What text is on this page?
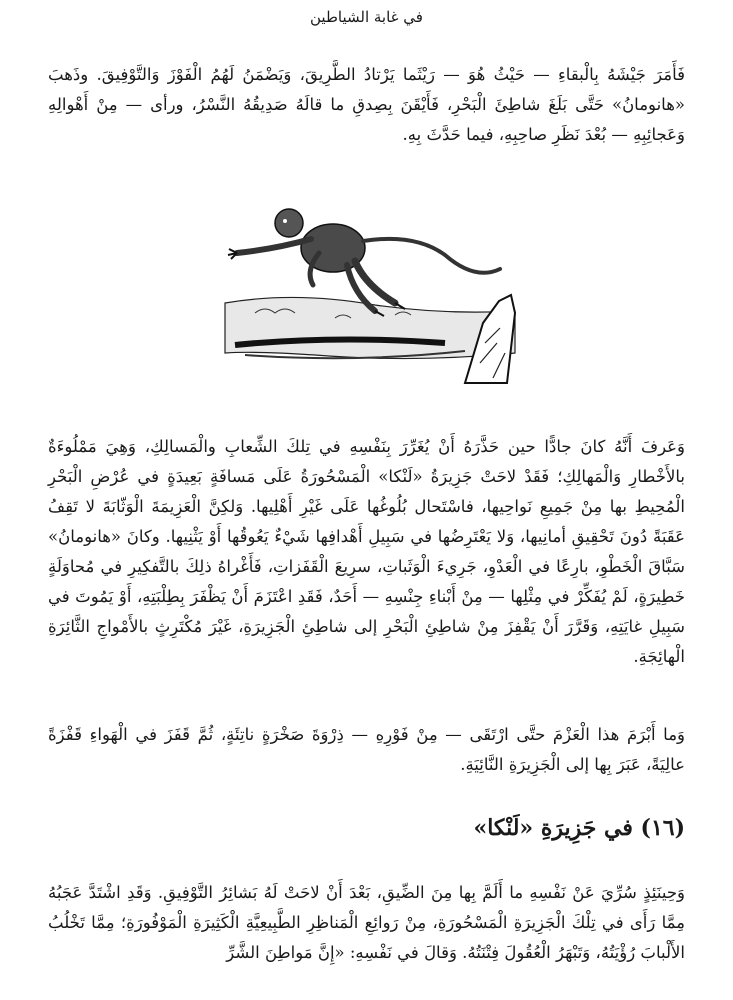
في غابة الشياطين

فَأَمَرَ جَيْشَهُ بِالْبقاءِ — حَيْثُ هُوَ — رَيْثَما يَرْتادُ الطَّرِيقَ، وَيَضْمَنُ لَهُمُ الْفَوْزَ وَالتَّوْفِيقَ. وذَهبَ «هانومانُ» حَتَّى بَلَغَ شاطِئَ الْبَحْرِ، فَأَيْقَنَ بِصِدقِ ما قالَهُ صَدِيقُهُ النَّسْرُ، ورأى — مِنْ أَهْوالِهِ وَعَجائِبِهِ — بُعْدَ نَظَرِ صاحِبِهِ، فيما حَدَّثَ بِهِ.

وَعَرفَ أَنَّهُ كانَ جادًّا حين حَذَّرَهُ أَنْ يُغَرِّرَ بِنَفْسِهِ في تِلكَ الشِّعابِ والْمَسالِكِ، وَهِيَ مَمْلُوءَةٌ بالأَخْطارِ وَالْمَهالِكِ؛ فَقَدْ لاحَتْ جَزِيرَةُ «لَنْكا» الْمَسْحُورَةُ عَلَى مَسافَةٍ بَعِيدَةٍ في عُرْضِ الْبَحْرِ الْمُحِيطِ بها مِنْ جَمِيعِ نَواحِيها، فاسْتَحال بُلُوغُها عَلَى غَيْرِ أَهْلِيها. وَلكِنَّ الْعَزِيمَةَ الْوَثّابَةَ لا تَقِفُ عَقَبَةً دُونَ تَحْقِيقِ أمانِيها، وَلا يَعْتَرِضُها في سَبِيلِ أَهْدافِها شَيْءٌ يَعُوقُها أَوْ يَثْنِيها. وكانَ «هانومانُ» سَبَّاقَ الْخَطْوِ، بارِعًا في الْعَدْوِ، جَرِيءَ الْوَثَباتِ، سرِيعَ الْقَفَزاتِ، فَأَغْراهُ ذلِكَ بالتَّفكِيرِ في مُحاوَلَةٍ خَطِيرَةٍ، لَمْ يُفَكِّرْ في مِثْلِها — مِنْ أَبْناءِ جِنْسِهِ — أَحَدٌ، فَقَدِ اعْتَزَمَ أَنْ يَظْفَرَ بِطِلْبَتِهِ، أَوْ يَمُوتَ في سَبِيلِ غايَتِهِ، وَقَرَّرَ أَنْ يَقْفِزَ مِنْ شاطِئِ الْبَحْرِ إلى شاطِئِ الْجَزِيرَةِ، غَيْرَ مُكْتَرِثٍ بالأَمْواجِ الثَّائِرَةِ الْهائِجَةِ.

وَما أَبْرَمَ هذا الْعَزْمَ حتَّى ارْتَقَى — مِنْ فَوْرِهِ — ذِرْوَةَ صَخْرَةٍ ناتِئَةٍ، ثُمَّ قَفَزَ في الْهَواءِ قَفْزَةً عالِيَةً، عَبَرَ بِها إلى الْجَزِيرَةِ النَّائِيَةِ.

(١٦) في جَزِيرَةِ «لَنْكا»

وَحِينَئِذٍ سُرِّيَ عَنْ نَفْسِهِ ما أَلَمَّ بِها مِنَ الضِّيقِ، بَعْدَ أَنْ لاحَتْ لَهُ بَشائِرُ التَّوْفِيقِ. وَقَدِ اشْتَدَّ عَجَبُهُ مِمَّا رَأَى في تِلْكَ الْجَزِيرَةِ الْمَسْحُورَةِ، مِنْ رَوائِعِ الْمَناظِرِ الطَّبِيعِيَّةِ الْكَثِيرَةِ الْمَوْفُورَةِ؛ مِمَّا تَخْلُبُ الأَلْبابَ رُؤْيَتُهُ، وَتَبْهَرُ الْعُقُولَ فِتْنَتُهُ. وَقالَ في نَفْسِهِ: «إِنَّ مَواطِنَ الشَّرِّ
